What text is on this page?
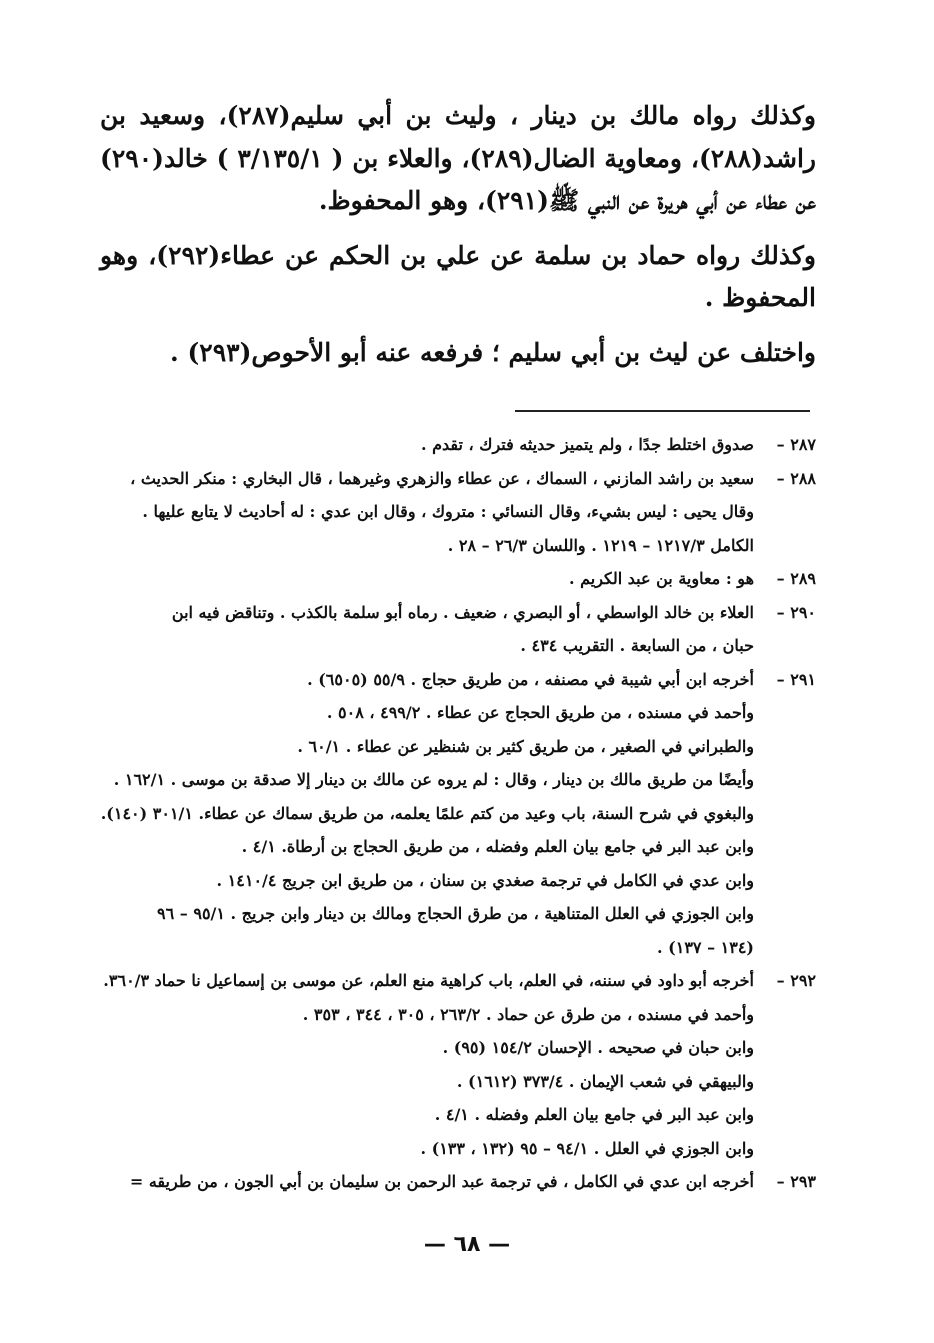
وكذلك رواه مالك بن دينار ، وليث بن أبي سليم(٢٨٧)، وسعيد بن راشد(٢٨٨)، ومعاوية الضال(٢٨٩)، والعلاء بن ( ٣/١٣٥/١ ) خالد(٢٩٠) عن عطاء عن أبي هريرة عن النبي ﷺ(٢٩١)، وهو المحفوظ.

وكذلك رواه حماد بن سلمة عن علي بن الحكم عن عطاء(٢٩٢)، وهو المحفوظ .

واختلف عن ليث بن أبي سليم ؛ فرفعه عنه أبو الأحوص(٢٩٣) .

٢٨٧ –
صدوق اختلط جدًا ، ولم يتميز حديثه فترك ، تقدم .
٢٨٨ –
سعيد بن راشد المازني ، السماك ، عن عطاء والزهري وغيرهما ، قال البخاري : منكر الحديث ،
وقال يحيى : ليس بشيء، وقال النسائي : متروك ، وقال ابن عدي : له أحاديث لا يتابع عليها .
الكامل ١٢١٧/٣ – ١٢١٩ . واللسان ٢٦/٣ – ٢٨ .
٢٨٩ –
هو : معاوية بن عبد الكريم .
٢٩٠ –
العلاء بن خالد الواسطي ، أو البصري ، ضعيف . رماه أبو سلمة بالكذب . وتناقض فيه ابن
حبان ، من السابعة . التقريب ٤٣٤ .
٢٩١ –
أخرجه ابن أبي شيبة في مصنفه ، من طريق حجاج . ٥٥/٩ (٦٥٠٥) .
وأحمد في مسنده ، من طريق الحجاج عن عطاء . ٤٩٩/٢ ، ٥٠٨ .
والطبراني في الصغير ، من طريق كثير بن شنظير عن عطاء . ٦٠/١ .
وأيضًا من طريق مالك بن دينار ، وقال : لم يروه عن مالك بن دينار إلا صدقة بن موسى . ١٦٢/١ .
والبغوي في شرح السنة، باب وعيد من كتم علمًا يعلمه، من طريق سماك عن عطاء. ٣٠١/١ (١٤٠).
وابن عبد البر في جامع بيان العلم وفضله ، من طريق الحجاج بن أرطاة. ٤/١ .
وابن عدي في الكامل في ترجمة صغدي بن سنان ، من طريق ابن جريج ١٤١٠/٤ .
وابن الجوزي في العلل المتناهية ، من طرق الحجاج ومالك بن دينار وابن جريج . ٩٥/١ – ٩٦
(١٣٤ – ١٣٧) .
٢٩٢ –
أخرجه أبو داود في سننه، في العلم، باب كراهية منع العلم، عن موسى بن إسماعيل نا حماد ٣٦٠/٣.
وأحمد في مسنده ، من طرق عن حماد . ٢٦٣/٢ ، ٣٠٥ ، ٣٤٤ ، ٣٥٣ .
وابن حبان في صحيحه . الإحسان ١٥٤/٢ (٩٥) .
والبيهقي في شعب الإيمان . ٣٧٣/٤ (١٦١٢) .
وابن عبد البر في جامع بيان العلم وفضله . ٤/١ .
وابن الجوزي في العلل . ٩٤/١ – ٩٥ (١٣٢ ، ١٣٣) .
٢٩٣ –
أخرجه ابن عدي في الكامل ، في ترجمة عبد الرحمن بن سليمان بن أبي الجون ، من طريقه =
— ٦٨ —
